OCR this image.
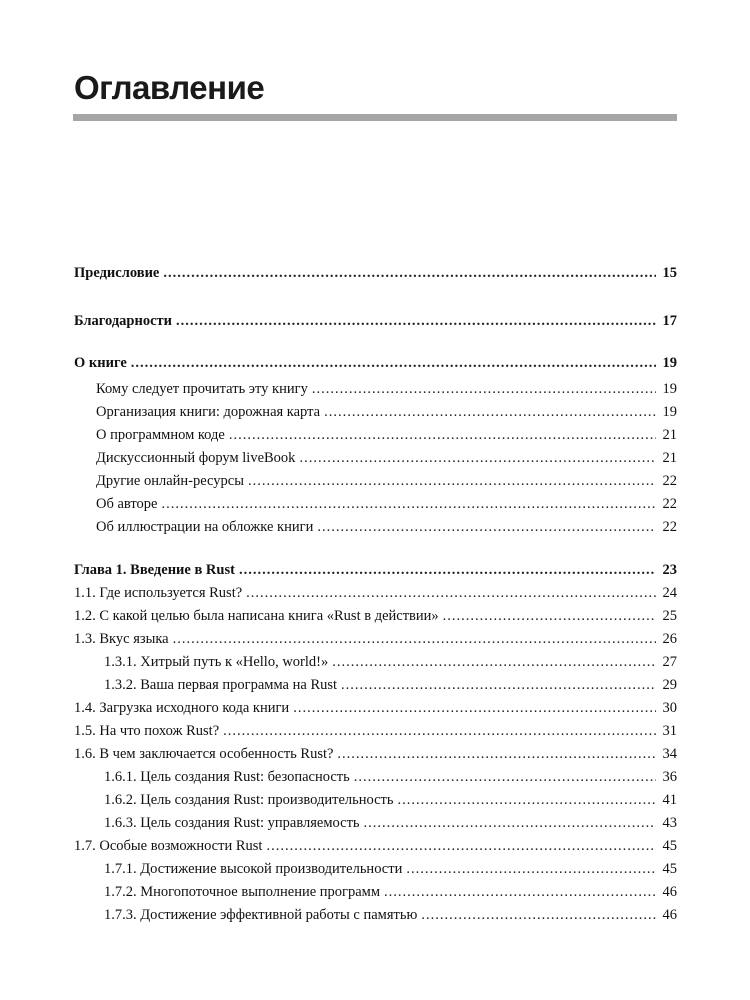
Оглавление
Предисловие .....	15
Благодарности .....	17
О книге .....	19
Кому следует прочитать эту книгу .....	19
Организация книги: дорожная карта .....	19
О программном коде .....	21
Дискуссионный форум liveBook .....	21
Другие онлайн-ресурсы .....	22
Об авторе .....	22
Об иллюстрации на обложке книги .....	22
Глава 1. Введение в Rust .....	23
1.1. Где используется Rust? .....	24
1.2. С какой целью была написана книга «Rust в действии» .....	25
1.3. Вкус языка .....	26
1.3.1. Хитрый путь к «Hello, world!» .....	27
1.3.2. Ваша первая программа на Rust .....	29
1.4. Загрузка исходного кода книги .....	30
1.5. На что похож Rust? .....	31
1.6. В чем заключается особенность Rust? .....	34
1.6.1. Цель создания Rust: безопасность .....	36
1.6.2. Цель создания Rust: производительность .....	41
1.6.3. Цель создания Rust: управляемость .....	43
1.7. Особые возможности Rust .....	45
1.7.1. Достижение высокой производительности .....	45
1.7.2. Многопоточное выполнение программ .....	46
1.7.3. Достижение эффективной работы с памятью .....	46
